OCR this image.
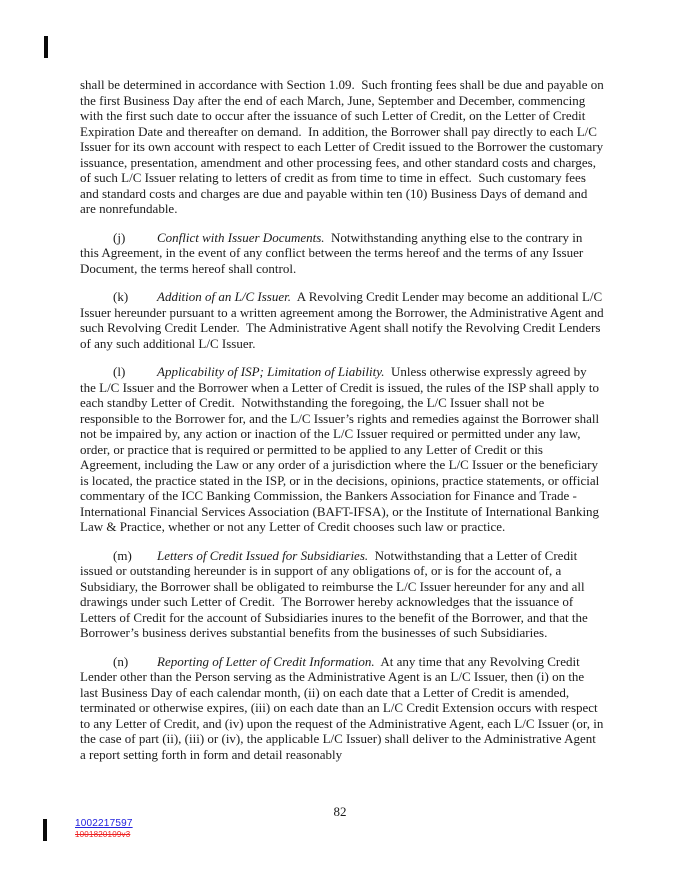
shall be determined in accordance with Section 1.09.  Such fronting fees shall be due and payable on the first Business Day after the end of each March, June, September and December, commencing with the first such date to occur after the issuance of such Letter of Credit, on the Letter of Credit Expiration Date and thereafter on demand.  In addition, the Borrower shall pay directly to each L/C Issuer for its own account with respect to each Letter of Credit issued to the Borrower the customary issuance, presentation, amendment and other processing fees, and other standard costs and charges, of such L/C Issuer relating to letters of credit as from time to time in effect.  Such customary fees and standard costs and charges are due and payable within ten (10) Business Days of demand and are nonrefundable.

(j) Conflict with Issuer Documents.  Notwithstanding anything else to the contrary in this Agreement, in the event of any conflict between the terms hereof and the terms of any Issuer Document, the terms hereof shall control.

(k) Addition of an L/C Issuer.  A Revolving Credit Lender may become an additional L/C Issuer hereunder pursuant to a written agreement among the Borrower, the Administrative Agent and such Revolving Credit Lender.  The Administrative Agent shall notify the Revolving Credit Lenders of any such additional L/C Issuer.

(l) Applicability of ISP; Limitation of Liability.  Unless otherwise expressly agreed by the L/C Issuer and the Borrower when a Letter of Credit is issued, the rules of the ISP shall apply to each standby Letter of Credit.  Notwithstanding the foregoing, the L/C Issuer shall not be responsible to the Borrower for, and the L/C Issuer’s rights and remedies against the Borrower shall not be impaired by, any action or inaction of the L/C Issuer required or permitted under any law, order, or practice that is required or permitted to be applied to any Letter of Credit or this Agreement, including the Law or any order of a jurisdiction where the L/C Issuer or the beneficiary is located, the practice stated in the ISP, or in the decisions, opinions, practice statements, or official commentary of the ICC Banking Commission, the Bankers Association for Finance and Trade - International Financial Services Association (BAFT-IFSA), or the Institute of International Banking Law & Practice, whether or not any Letter of Credit chooses such law or practice.

(m) Letters of Credit Issued for Subsidiaries.  Notwithstanding that a Letter of Credit issued or outstanding hereunder is in support of any obligations of, or is for the account of, a Subsidiary, the Borrower shall be obligated to reimburse the L/C Issuer hereunder for any and all drawings under such Letter of Credit.  The Borrower hereby acknowledges that the issuance of Letters of Credit for the account of Subsidiaries inures to the benefit of the Borrower, and that the Borrower’s business derives substantial benefits from the businesses of such Subsidiaries.

(n) Reporting of Letter of Credit Information.  At any time that any Revolving Credit Lender other than the Person serving as the Administrative Agent is an L/C Issuer, then (i) on the last Business Day of each calendar month, (ii) on each date that a Letter of Credit is amended, terminated or otherwise expires, (iii) on each date than an L/C Credit Extension occurs with respect to any Letter of Credit, and (iv) upon the request of the Administrative Agent, each L/C Issuer (or, in the case of part (ii), (iii) or (iv), the applicable L/C Issuer) shall deliver to the Administrative Agent a report setting forth in form and detail reasonably

82
1002217597
1001820109v3
